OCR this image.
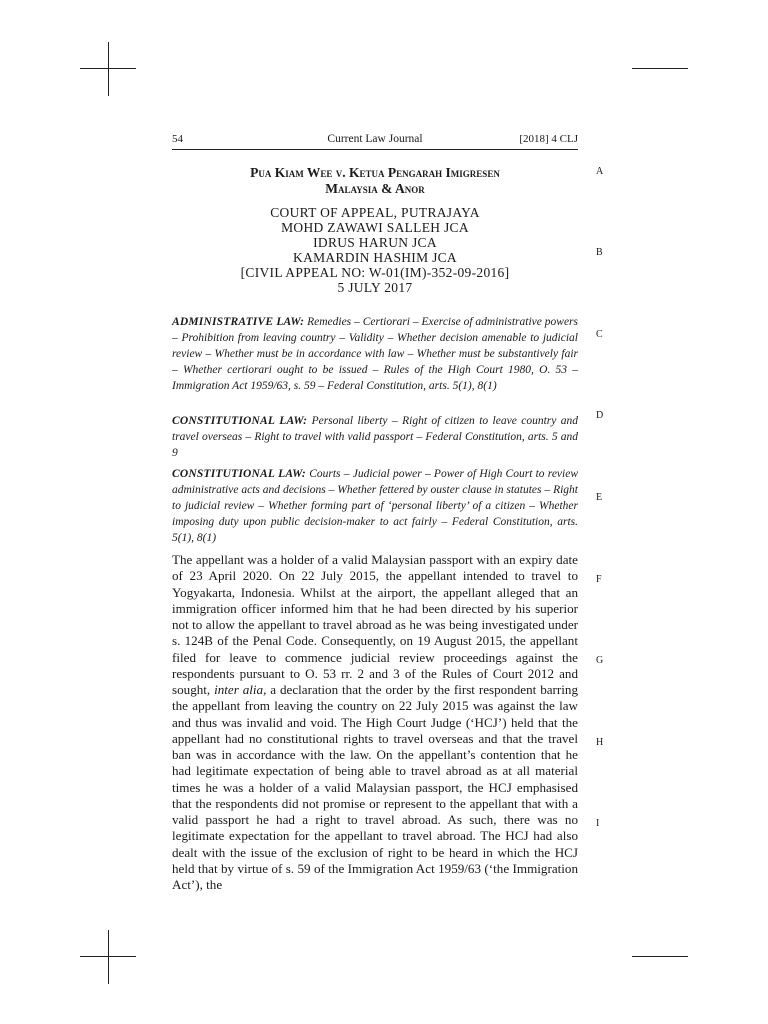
54	Current Law Journal	[2018] 4 CLJ
Pua Kiam Wee v. Ketua Pengarah Imigresen
Malaysia & Anor
COURT OF APPEAL, PUTRAJAYA
MOHD ZAWAWI SALLEH JCA
IDRUS HARUN JCA
KAMARDIN HASHIM JCA
[CIVIL APPEAL NO: W-01(IM)-352-09-2016]
5 JULY 2017
ADMINISTRATIVE LAW: Remedies – Certiorari – Exercise of administrative powers – Prohibition from leaving country – Validity – Whether decision amenable to judicial review – Whether must be in accordance with law – Whether must be substantively fair – Whether certiorari ought to be issued – Rules of the High Court 1980, O. 53 – Immigration Act 1959/63, s. 59 – Federal Constitution, arts. 5(1), 8(1)
CONSTITUTIONAL LAW: Personal liberty – Right of citizen to leave country and travel overseas – Right to travel with valid passport – Federal Constitution, arts. 5 and 9
CONSTITUTIONAL LAW: Courts – Judicial power – Power of High Court to review administrative acts and decisions – Whether fettered by ouster clause in statutes – Right to judicial review – Whether forming part of ‘personal liberty’ of a citizen – Whether imposing duty upon public decision-maker to act fairly – Federal Constitution, arts. 5(1), 8(1)
The appellant was a holder of a valid Malaysian passport with an expiry date of 23 April 2020. On 22 July 2015, the appellant intended to travel to Yogyakarta, Indonesia. Whilst at the airport, the appellant alleged that an immigration officer informed him that he had been directed by his superior not to allow the appellant to travel abroad as he was being investigated under s. 124B of the Penal Code. Consequently, on 19 August 2015, the appellant filed for leave to commence judicial review proceedings against the respondents pursuant to O. 53 rr. 2 and 3 of the Rules of Court 2012 and sought, inter alia, a declaration that the order by the first respondent barring the appellant from leaving the country on 22 July 2015 was against the law and thus was invalid and void. The High Court Judge (‘HCJ’) held that the appellant had no constitutional rights to travel overseas and that the travel ban was in accordance with the law. On the appellant’s contention that he had legitimate expectation of being able to travel abroad as at all material times he was a holder of a valid Malaysian passport, the HCJ emphasised that the respondents did not promise or represent to the appellant that with a valid passport he had a right to travel abroad. As such, there was no legitimate expectation for the appellant to travel abroad. The HCJ had also dealt with the issue of the exclusion of right to be heard in which the HCJ held that by virtue of s. 59 of the Immigration Act 1959/63 (‘the Immigration Act’), the
A
B
C
D
E
F
G
H
I
